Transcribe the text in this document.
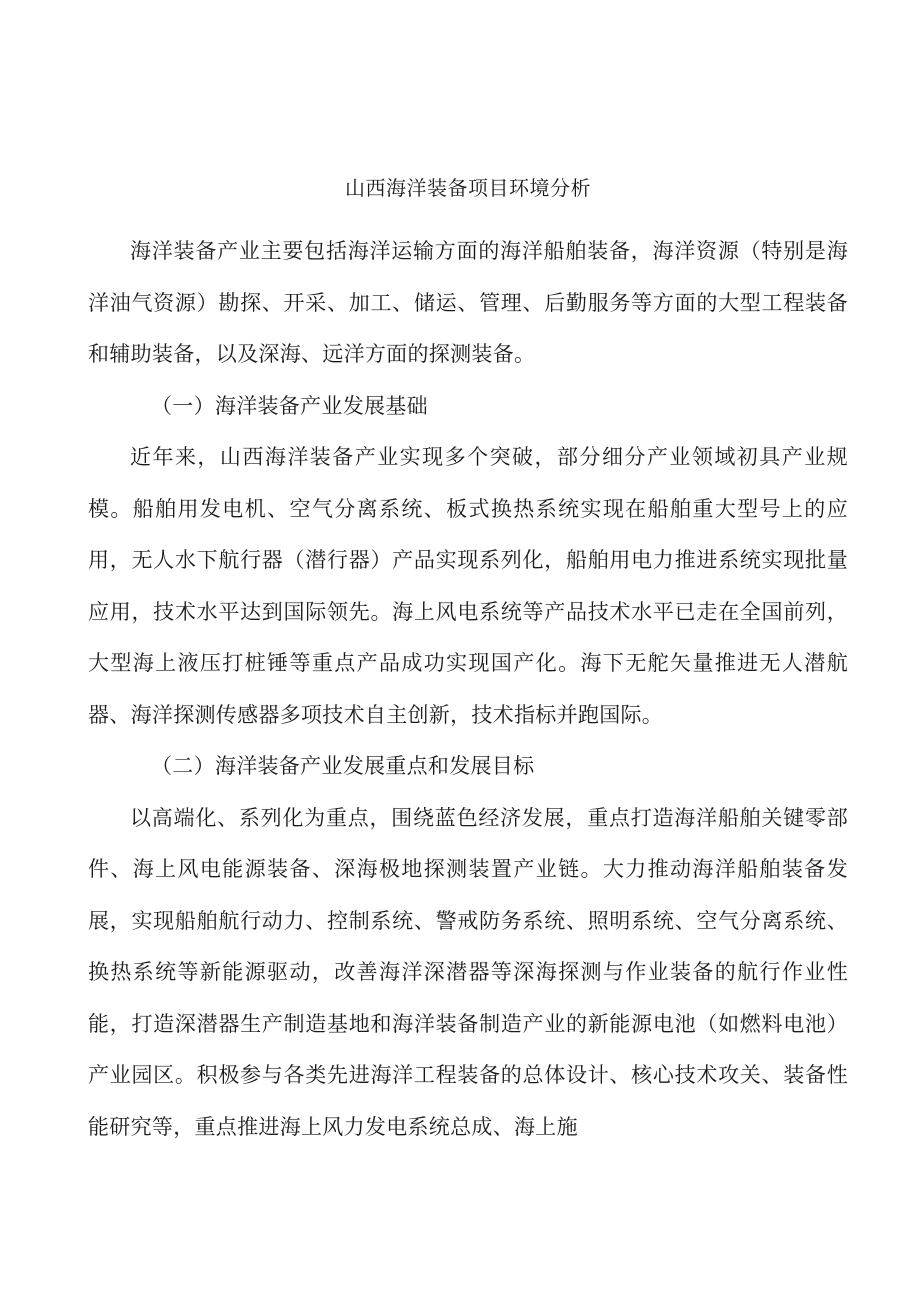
山西海洋装备项目环境分析

海洋装备产业主要包括海洋运输方面的海洋船舶装备，海洋资源（特别是海洋油气资源）勘探、开采、加工、储运、管理、后勤服务等方面的大型工程装备和辅助装备，以及深海、远洋方面的探测装备。

（一）海洋装备产业发展基础

近年来，山西海洋装备产业实现多个突破，部分细分产业领域初具产业规模。船舶用发电机、空气分离系统、板式换热系统实现在船舶重大型号上的应用，无人水下航行器（潜行器）产品实现系列化，船舶用电力推进系统实现批量应用，技术水平达到国际领先。海上风电系统等产品技术水平已走在全国前列，大型海上液压打桩锤等重点产品成功实现国产化。海下无舵矢量推进无人潜航器、海洋探测传感器多项技术自主创新，技术指标并跑国际。

（二）海洋装备产业发展重点和发展目标

以高端化、系列化为重点，围绕蓝色经济发展，重点打造海洋船舶关键零部件、海上风电能源装备、深海极地探测装置产业链。大力推动海洋船舶装备发展，实现船舶航行动力、控制系统、警戒防务系统、照明系统、空气分离系统、换热系统等新能源驱动，改善海洋深潜器等深海探测与作业装备的航行作业性能，打造深潜器生产制造基地和海洋装备制造产业的新能源电池（如燃料电池）产业园区。积极参与各类先进海洋工程装备的总体设计、核心技术攻关、装备性能研究等，重点推进海上风力发电系统总成、海上施
